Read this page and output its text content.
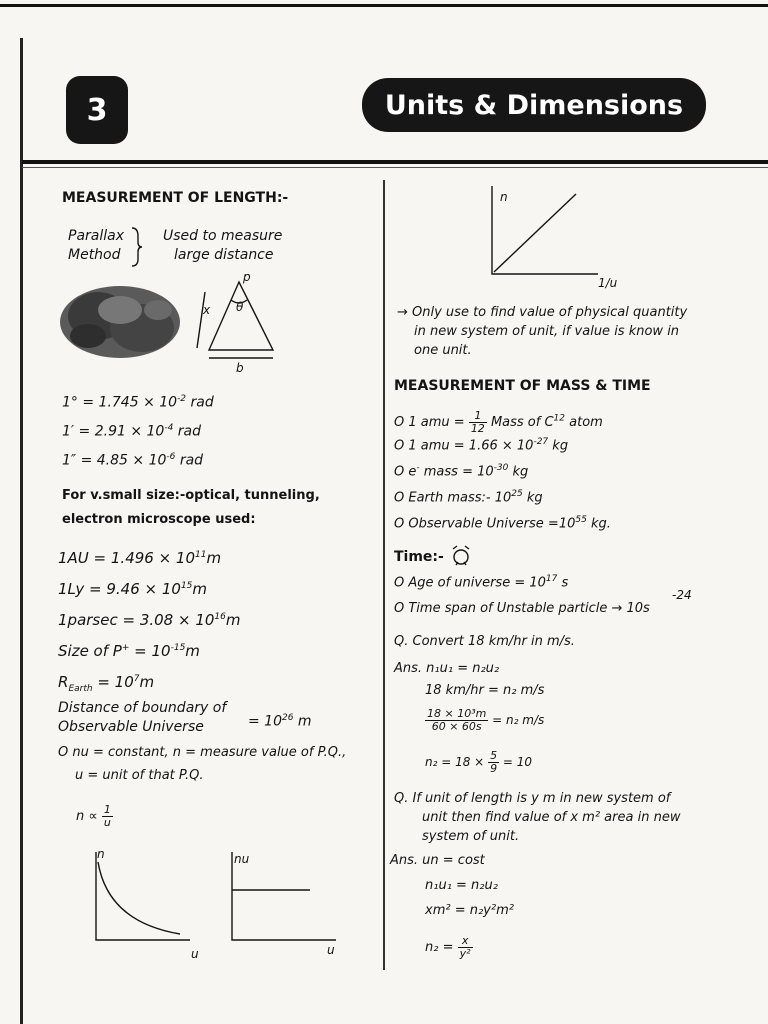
3	Units & Dimensions
MEASUREMENT OF LENGTH:-
Parallax
Method
Used to measure
large distance
p
θ
x
b
$1^\circ = 1.745 \times 10^{-2}$ rad
$1' = 2.91 \times 10^{-4}$ rad
$1'' = 4.85 \times 10^{-6}$ rad
For v.small size:-optical, tunneling,
electron microscope used:
$1AU = 1.496 \times 10^{11}m$
$1Ly = 9.46 \times 10^{15}m$
$1parsec = 3.08 \times 10^{16}m$
Size of $P^+ = 10^{-15}m$
$R_{Earth} = 10^7m$
Distance of boundary of
Observable Universe	= $10^{26}$ m
O nu = constant, n = measure value of P.Q.,
u = unit of that P.Q.
$n \propto \frac{1}{u}$
n
u
nu
u
n
1/u
→ Only use to find value of physical quantity
in new system of unit, if value is know in
one unit.
MEASUREMENT OF MASS & TIME
O 1 amu = $\frac{1}{12}$ Mass of $C^{12}$ atom
O 1 amu = $1.66 \times 10^{-27}$ kg
O e- mass = $10^{-30}$ kg
O Earth mass:- $10^{25}$ kg
O Observable Universe $=10^{55}$ kg.
Time:-
O Age of universe = $10^{17}$ s
O Time span of Unstable particle → 10s
-24
Q. Convert 18 km/hr in m/s.
Ans. n₁u₁ = n₂u₂
18 km/hr = n₂ m/s
$\frac{\text{18 × 10³m}}{60 \times 60s} = n_2$ m/s
$n_2 = 18 \times \frac{5}{9} = 10$
Q. If unit of length is y m in new system of
unit then find value of x m² area in new
system of unit.
Ans. un = cost
n₁u₁ = n₂u₂
xm² = n₂y²m²
$n_2 = \frac{x}{\text{y²}}$
